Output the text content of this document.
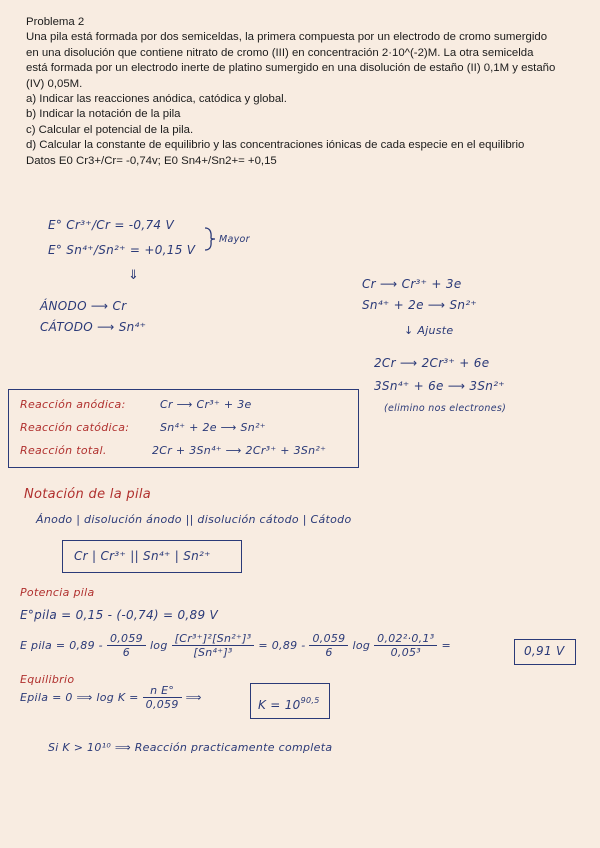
Problema 2
Una pila está formada por dos semiceldas, la primera compuesta por un electrodo de cromo sumergido
en una disolución que contiene nitrato de cromo (III) en concentración 2·10^(-2)M. La otra semicelda
está formada por un electrodo inerte de platino sumergido en una disolución de estaño (II) 0,1M y estaño
(IV) 0,05M.
a) Indicar las reacciones anódica, catódica y global.
b) Indicar la notación de la pila
c) Calcular el potencial de la pila.
d) Calcular la constante de equilibrio y las concentraciones iónicas de cada especie en el equilibrio
Datos E0 Cr3+/Cr= -0,74v; E0 Sn4+/Sn2+= +0,15
E° Cr³⁺/Cr = -0,74 V
E° Sn⁴⁺/Sn²⁺ = +0,15 V
Mayor
⇓
ÁNODO ⟶ Cr
CÁTODO ⟶ Sn⁴⁺
Cr ⟶ Cr³⁺ + 3e
Sn⁴⁺ + 2e ⟶ Sn²⁺
↓ Ajuste
2Cr ⟶ 2Cr³⁺ + 6e
3Sn⁴⁺ + 6e ⟶ 3Sn²⁺
(elimino nos electrones)
Reacción anódica:	Cr ⟶ Cr³⁺ + 3e
Reacción catódica:	Sn⁴⁺ + 2e ⟶ Sn²⁺
Reacción total.	2Cr + 3Sn⁴⁺ ⟶ 2Cr³⁺ + 3Sn²⁺
Notación de la pila
Ánodo | disolución ánodo || disolución cátodo | Cátodo
Cr | Cr³⁺ || Sn⁴⁺ | Sn²⁺
Potencia pila
E°pila = 0,15 - (-0,74) = 0,89 V
E pila = $0,89 - \frac{0,059}{6}$ $\log \frac{\text{[Cr³⁺]²[Sn²⁺]³}}{\text{[Sn⁴⁺]³}} = 0,89 - \frac{0,059}{6}$ $\log \frac{\text{0,02²·0,1³}}{\text{0,05³}}$ =	0,91 V
Equilibrio
Epila = 0 ⟹ $\log K = \frac{\text{n E°}}{0,059}$ ⟹
$K = 10^{90,5}$
Si K > 10¹⁰ ⟹ Reacción practicamente completa
